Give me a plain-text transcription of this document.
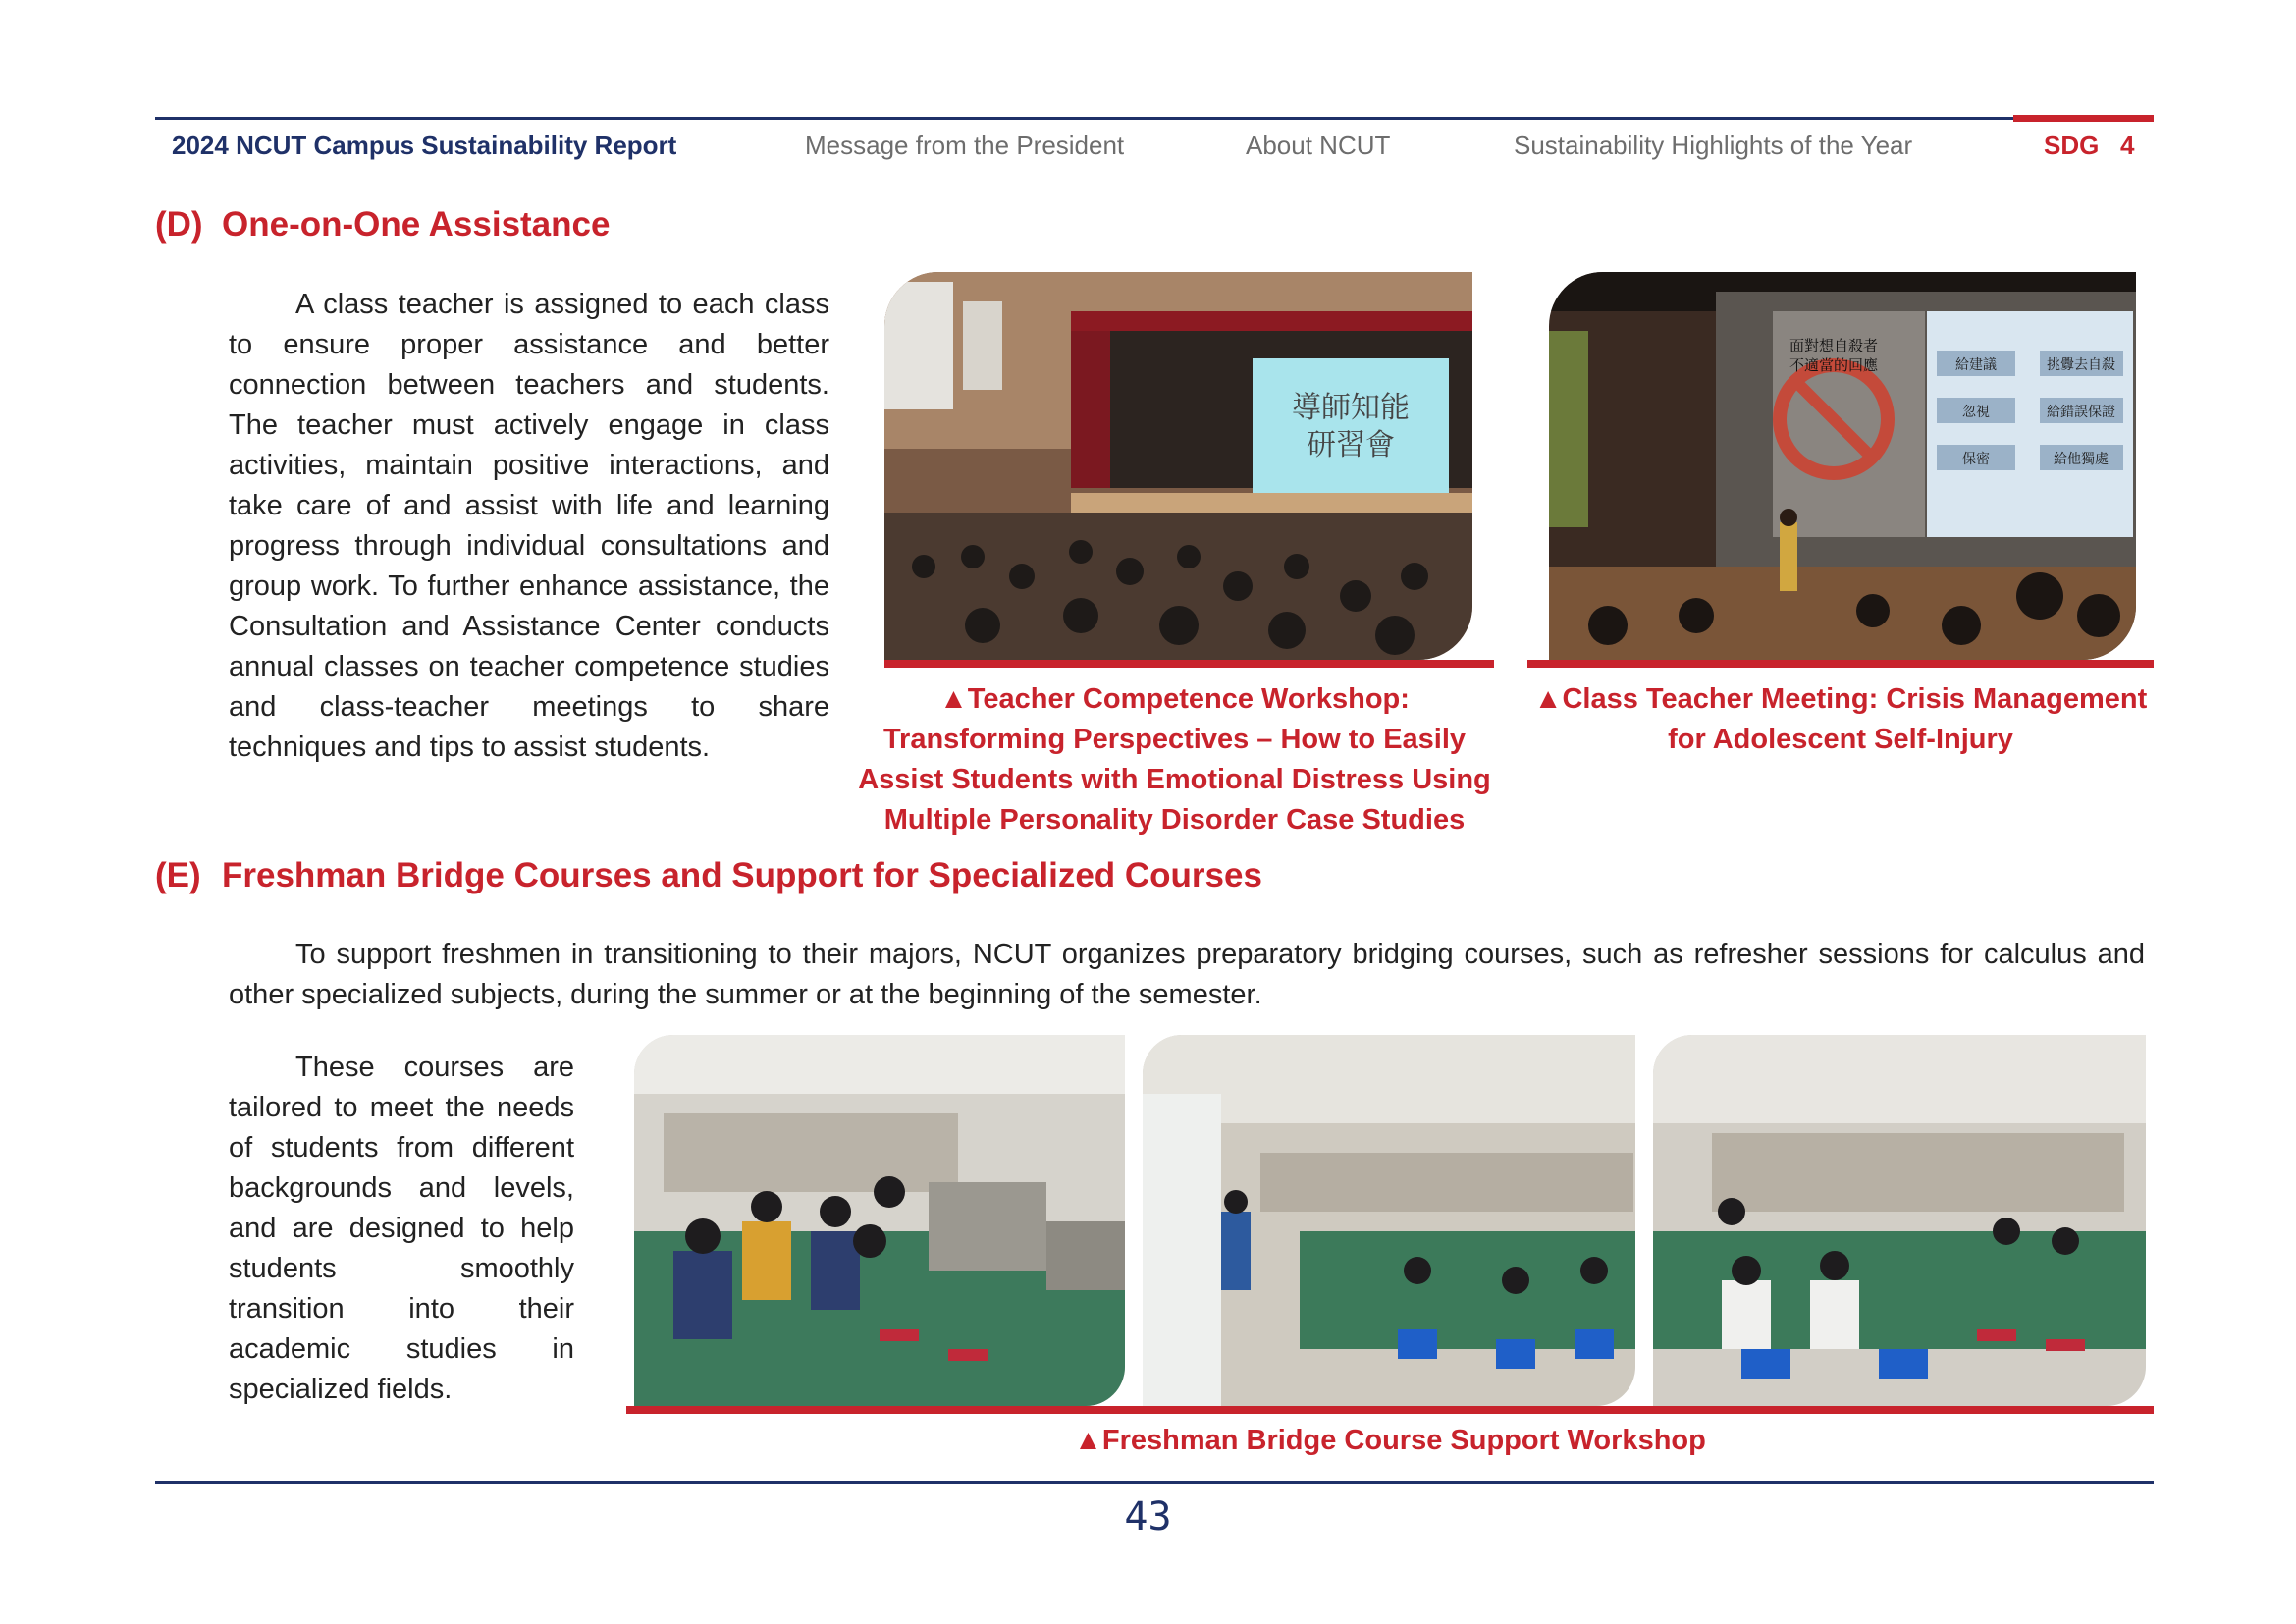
2024 NCUT Campus Sustainability Report	Message from the President	About NCUT	Sustainability Highlights of the Year	SDG 4
(D) One-on-One Assistance
A class teacher is assigned to each class to ensure proper assistance and better connection between teachers and students. The teacher must actively engage in class activities, maintain positive interactions, and take care of and assist with life and learning progress through individual consultations and group work. To further enhance assistance, the Consultation and Assistance Center conducts annual classes on teacher competence studies and class-teacher meetings to share techniques and tips to assist students.
導師知能
研習會
▲Teacher Competence Workshop: Transforming Perspectives – How to Easily Assist Students with Emotional Distress Using Multiple Personality Disorder Case Studies
面對想自殺者
不適當的回應	給建議	挑釁去自殺
忽視	給錯誤保證
保密	給他獨處
▲Class Teacher Meeting: Crisis Management for Adolescent Self-Injury
(E) Freshman Bridge Courses and Support for Specialized Courses
To support freshmen in transitioning to their majors, NCUT organizes preparatory bridging courses, such as refresher sessions for calculus and other specialized subjects, during the summer or at the beginning of the semester.
These courses are tailored to meet the needs of students from different backgrounds and levels, and are designed to help students smoothly transition into their academic studies in specialized fields.
▲Freshman Bridge Course Support Workshop
43
